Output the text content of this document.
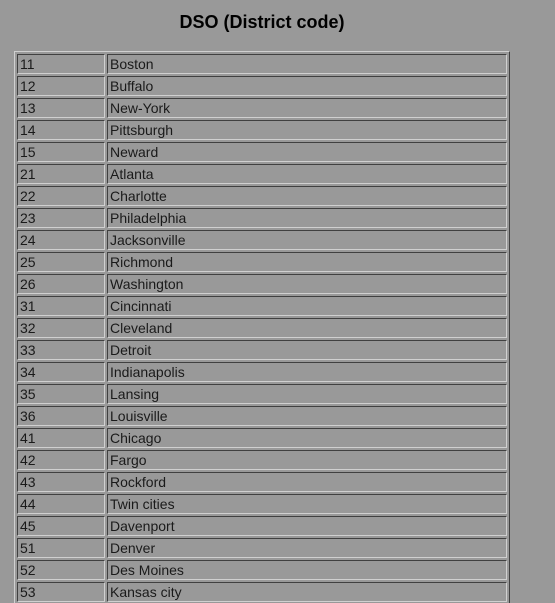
DSO (District code)
11	Boston
12	Buffalo
13	New-York
14	Pittsburgh
15	Neward
21	Atlanta
22	Charlotte
23	Philadelphia
24	Jacksonville
25	Richmond
26	Washington
31	Cincinnati
32	Cleveland
33	Detroit
34	Indianapolis
35	Lansing
36	Louisville
41	Chicago
42	Fargo
43	Rockford
44	Twin cities
45	Davenport
51	Denver
52	Des Moines
53	Kansas city
